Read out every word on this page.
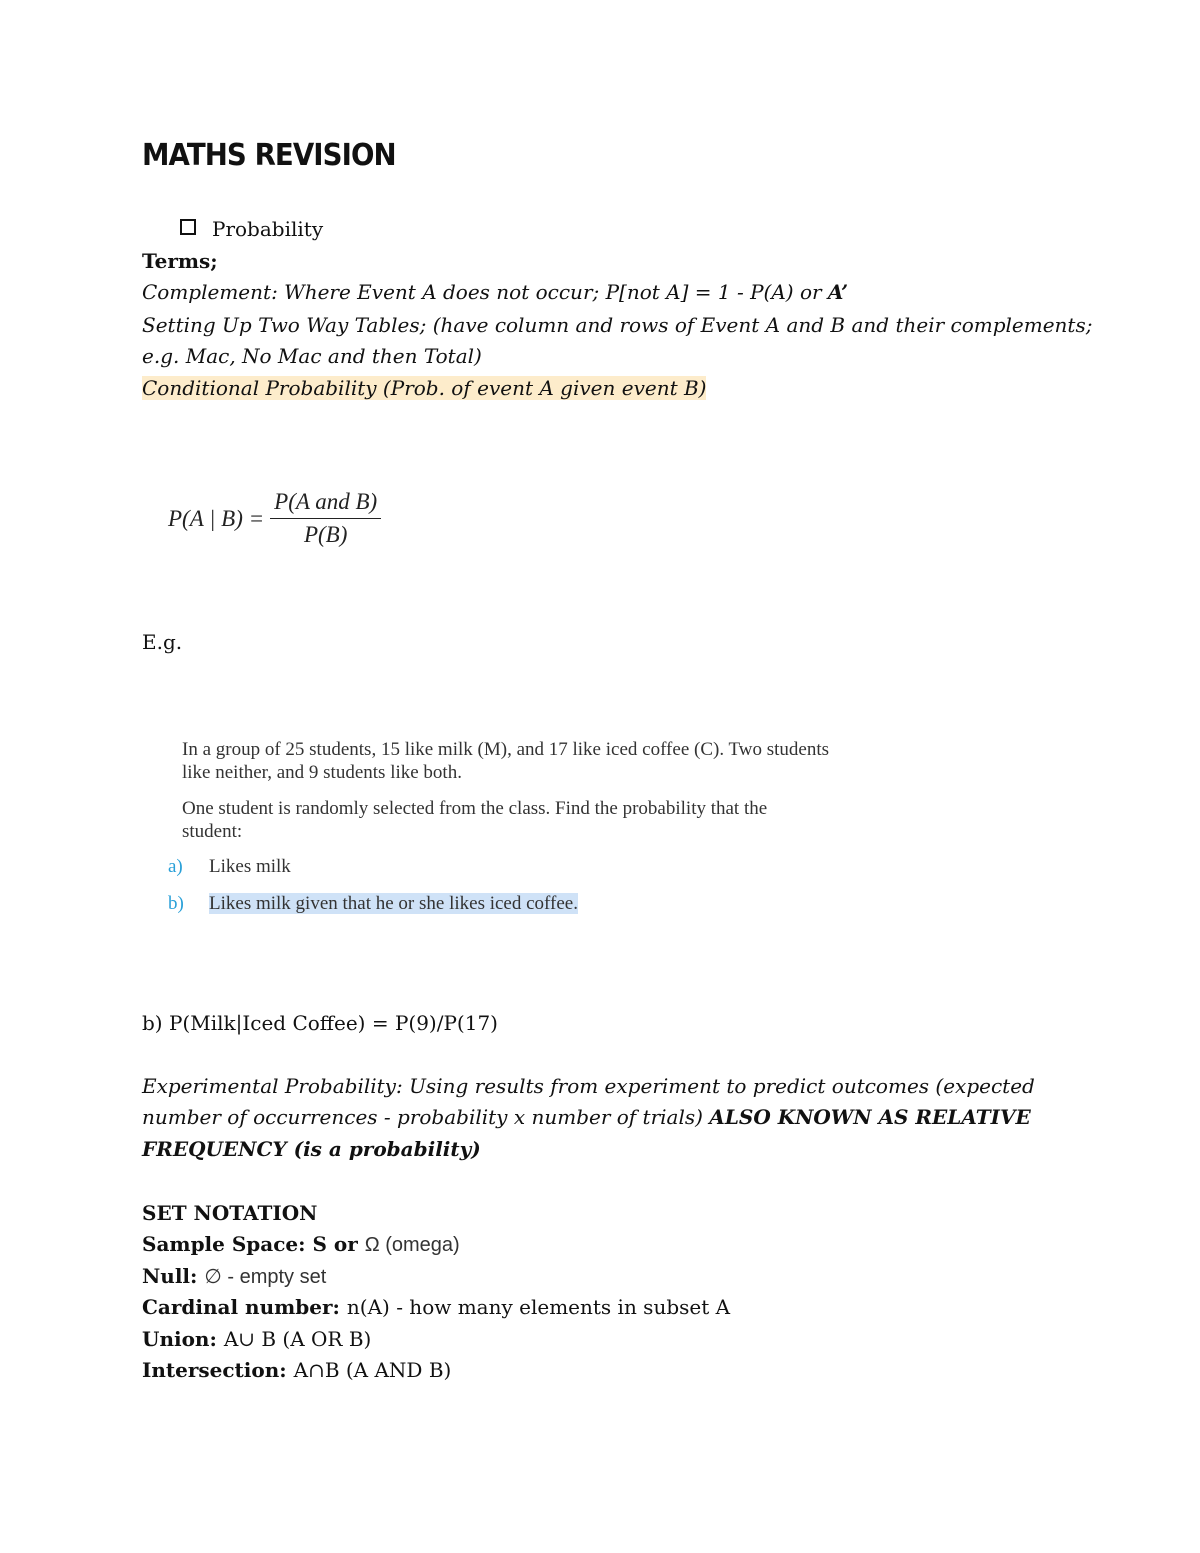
MATHS REVISION
Probability
Terms;
Complement: Where Event A does not occur; P[not A] = 1 - P(A) or A’
Setting Up Two Way Tables; (have column and rows of Event A and B and their complements;
e.g. Mac, No Mac and then Total)
Conditional Probability (Prob. of event A given event B)
P(A | $B) = \frac{\text{P(A and B)}}{P(B)}$
E.g.
In a group of 25 students, 15 like milk (M), and 17 like iced coffee (C). Two students
like neither, and 9 students like both.
One student is randomly selected from the class. Find the probability that the
student:
a) Likes milk
b) Likes milk given that he or she likes iced coffee.
b) P(Milk|Iced Coffee) = P(9)/P(17)
Experimental Probability: Using results from experiment to predict outcomes (expected
number of occurrences - probability x number of trials) ALSO KNOWN AS RELATIVE
FREQUENCY (is a probability)
SET NOTATION
Sample Space: S or Ω (omega)
Null: ∅ - empty set
Cardinal number: n(A) - how many elements in subset A
Union: A∪ B (A OR B)
Intersection: A∩B (A AND B)
